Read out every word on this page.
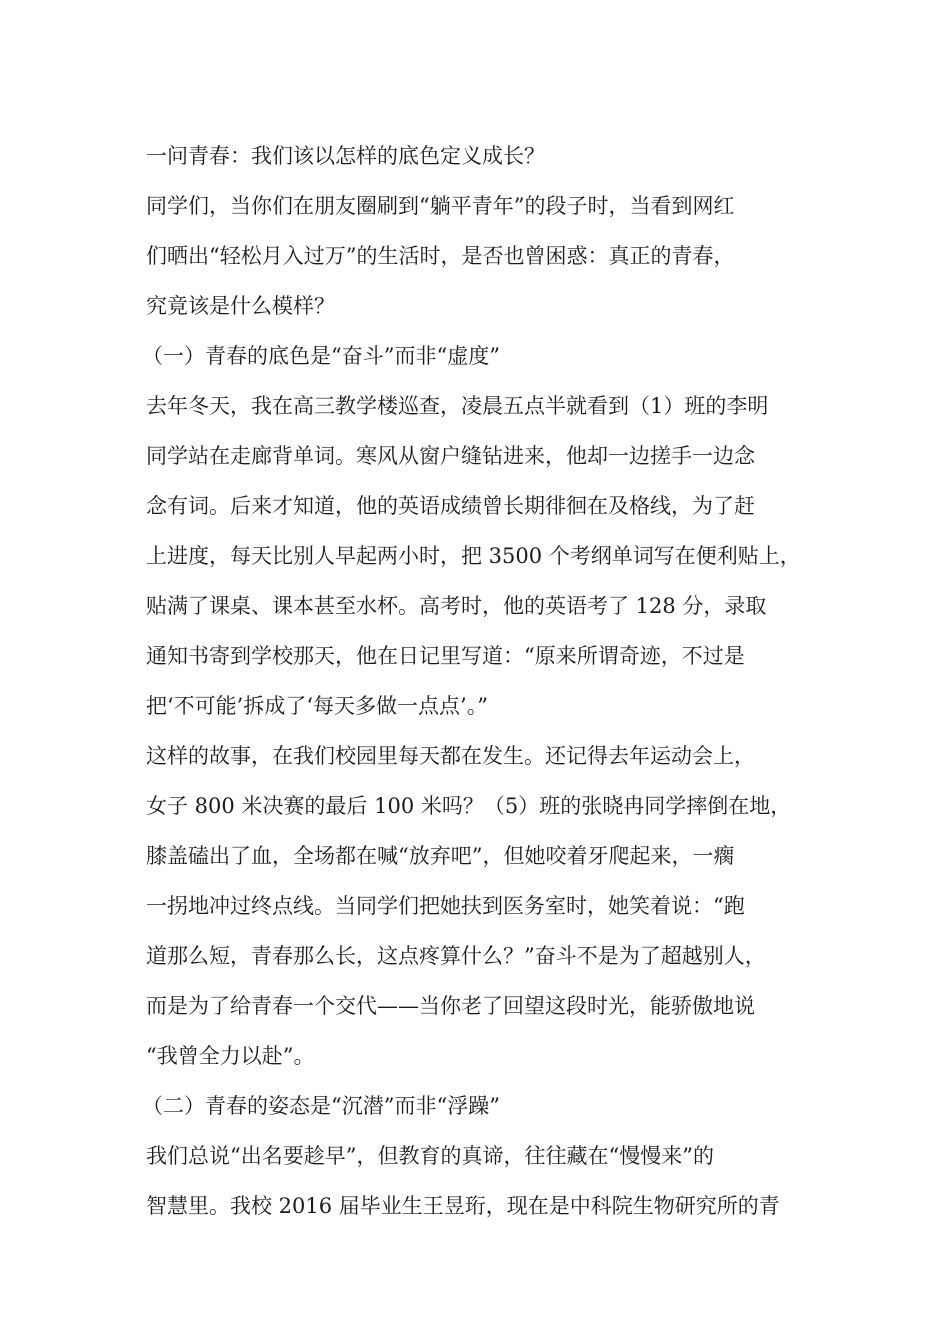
一问青春：我们该以怎样的底色定义成长？
同学们，当你们在朋友圈刷到“躺平青年”的段子时，当看到网红
们晒出“轻松月入过万”的生活时，是否也曾困惑：真正的青春，
究竟该是什么模样？
（一）青春的底色是“奋斗”而非“虚度”
去年冬天，我在高三教学楼巡查，凌晨五点半就看到（1）班的李明
同学站在走廊背单词。寒风从窗户缝钻进来，他却一边搓手一边念
念有词。后来才知道，他的英语成绩曾长期徘徊在及格线，为了赶
上进度，每天比别人早起两小时，把 3500 个考纲单词写在便利贴上，
贴满了课桌、课本甚至水杯。高考时，他的英语考了 128 分，录取
通知书寄到学校那天，他在日记里写道：“原来所谓奇迹，不过是
把‘不可能’拆成了‘每天多做一点点’。”
这样的故事，在我们校园里每天都在发生。还记得去年运动会上，
女子 800 米决赛的最后 100 米吗？（5）班的张晓冉同学摔倒在地，
膝盖磕出了血，全场都在喊“放弃吧”，但她咬着牙爬起来，一瘸
一拐地冲过终点线。当同学们把她扶到医务室时，她笑着说：“跑
道那么短，青春那么长，这点疼算什么？”奋斗不是为了超越别人，
而是为了给青春一个交代——当你老了回望这段时光，能骄傲地说
“我曾全力以赴”。
（二）青春的姿态是“沉潜”而非“浮躁”
我们总说“出名要趁早”，但教育的真谛，往往藏在“慢慢来”的
智慧里。我校 2016 届毕业生王昱珩，现在是中科院生物研究所的青
